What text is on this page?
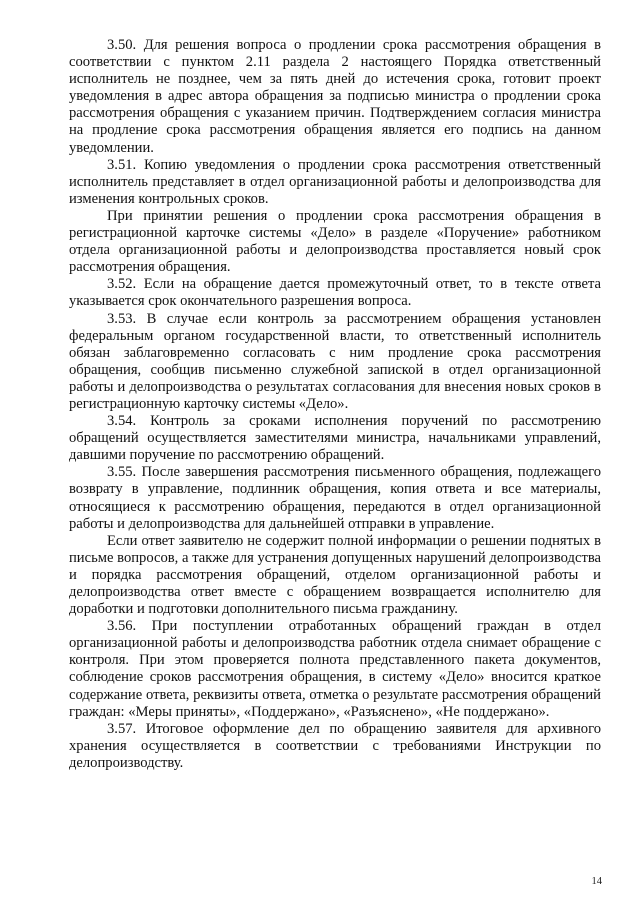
3.50. Для решения вопроса о продлении срока рассмотрения обращения в соответствии с пунктом 2.11 раздела 2 настоящего Порядка ответственный исполнитель не позднее, чем за пять дней до истечения срока, готовит проект уведомления в адрес автора обращения за подписью министра о продлении срока рассмотрения обращения с указанием причин. Подтверждением согласия министра на продление срока рассмотрения обращения является его подпись на данном уведомлении.

3.51. Копию уведомления о продлении срока рассмотрения ответственный исполнитель представляет в отдел организационной работы и делопроизводства для изменения контрольных сроков.

При принятии решения о продлении срока рассмотрения обращения в регистрационной карточке системы «Дело» в разделе «Поручение» работником отдела организационной работы и делопроизводства проставляется новый срок рассмотрения обращения.

3.52. Если на обращение дается промежуточный ответ, то в тексте ответа указывается срок окончательного разрешения вопроса.

3.53. В случае если контроль за рассмотрением обращения установлен федеральным органом государственной власти, то ответственный исполнитель обязан заблаговременно согласовать с ним продление срока рассмотрения обращения, сообщив письменно служебной запиской в отдел организационной работы и делопроизводства о результатах согласования для внесения новых сроков в регистрационную карточку системы «Дело».

3.54. Контроль за сроками исполнения поручений по рассмотрению обращений осуществляется заместителями министра, начальниками управлений, давшими поручение по рассмотрению обращений.

3.55. После завершения рассмотрения письменного обращения, подлежащего возврату в управление, подлинник обращения, копия ответа и все материалы, относящиеся к рассмотрению обращения, передаются в отдел организационной работы и делопроизводства для дальнейшей отправки в управление.

Если ответ заявителю не содержит полной информации о решении поднятых в письме вопросов, а также для устранения допущенных нарушений делопроизводства и порядка рассмотрения обращений, отделом организационной работы и делопроизводства ответ вместе с обращением возвращается исполнителю для доработки и подготовки дополнительного письма гражданину.

3.56. При поступлении отработанных обращений граждан в отдел организационной работы и делопроизводства работник отдела снимает обращение с контроля. При этом проверяется полнота представленного пакета документов, соблюдение сроков рассмотрения обращения, в систему «Дело» вносится краткое содержание ответа, реквизиты ответа, отметка о результате рассмотрения обращений граждан: «Меры приняты», «Поддержано», «Разъяснено», «Не поддержано».

3.57. Итоговое оформление дел по обращению заявителя для архивного хранения осуществляется в соответствии с требованиями Инструкции по делопроизводству.

14
